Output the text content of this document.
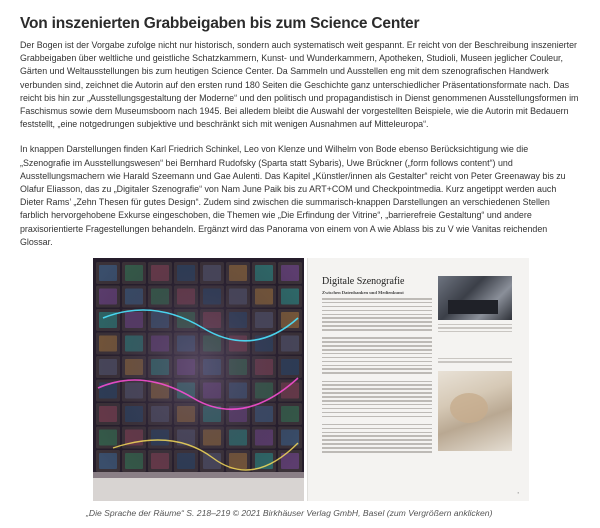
Von inszenierten Grabbeigaben bis zum Science Center

Der Bogen ist der Vorgabe zufolge nicht nur historisch, sondern auch systematisch weit gespannt. Er reicht von der Beschreibung inszenierter Grabbeigaben über weltliche und geistliche Schatzkammern, Kunst- und Wunderkammern, Apotheken, Studioli, Museen jeglicher Couleur, Gärten und Weltausstellungen bis zum heutigen Science Center. Da Sammeln und Ausstellen eng mit dem szenografischen Handwerk verbunden sind, zeichnet die Autorin auf den ersten rund 180 Seiten die Geschichte ganz unterschiedlicher Präsentationsformate nach. Das reicht bis hin zur „Ausstellungsgestaltung der Moderne“ und den politisch und propagandistisch in Dienst genommenen Ausstellungsformen im Faschismus sowie dem Museumsboom nach 1945. Bei alledem bleibt die Auswahl der vorgestellten Beispiele, wie die Autorin mit Bedauern feststellt, „eine notgedrungen subjektive und beschränkt sich mit wenigen Ausnahmen auf Mitteleuropa“.

In knappen Darstellungen finden Karl Friedrich Schinkel, Leo von Klenze und Wilhelm von Bode ebenso Berücksichtigung wie die „Szenografie im Ausstellungswesen“ bei Bernhard Rudofsky (Sparta statt Sybaris), Uwe Brückner („form follows content“) und Ausstellungsmachern wie Harald Szeemann und Gae Aulenti. Das Kapitel „Künstler/innen als Gestalter“ reicht von Peter Greenaway bis zu Olafur Eliasson, das zu „Digitaler Szenografie“ von Nam June Paik bis zu ART+COM und Checkpointmedia. Kurz angetippt werden auch Dieter Rams’ „Zehn Thesen für gutes Design“. Zudem sind zwischen die summarisch-knappen Darstellungen an verschiedenen Stellen farblich hervorgehobene Exkurse eingeschoben, die Themen wie „Die Erfindung der Vitrine“, „barrierefreie Gestaltung“ und andere praxisorientierte Fragestellungen behandeln. Ergänzt wird das Panorama von einem von A wie Ablass bis zu V wie Vanitas reichenden Glossar.

Digitale Szenografie
Zwischen Datenbanken und Medienkunst
▪
„Die Sprache der Räume“ S. 218–219 © 2021 Birkhäuser Verlag GmbH, Basel (zum Vergrößern anklicken)
